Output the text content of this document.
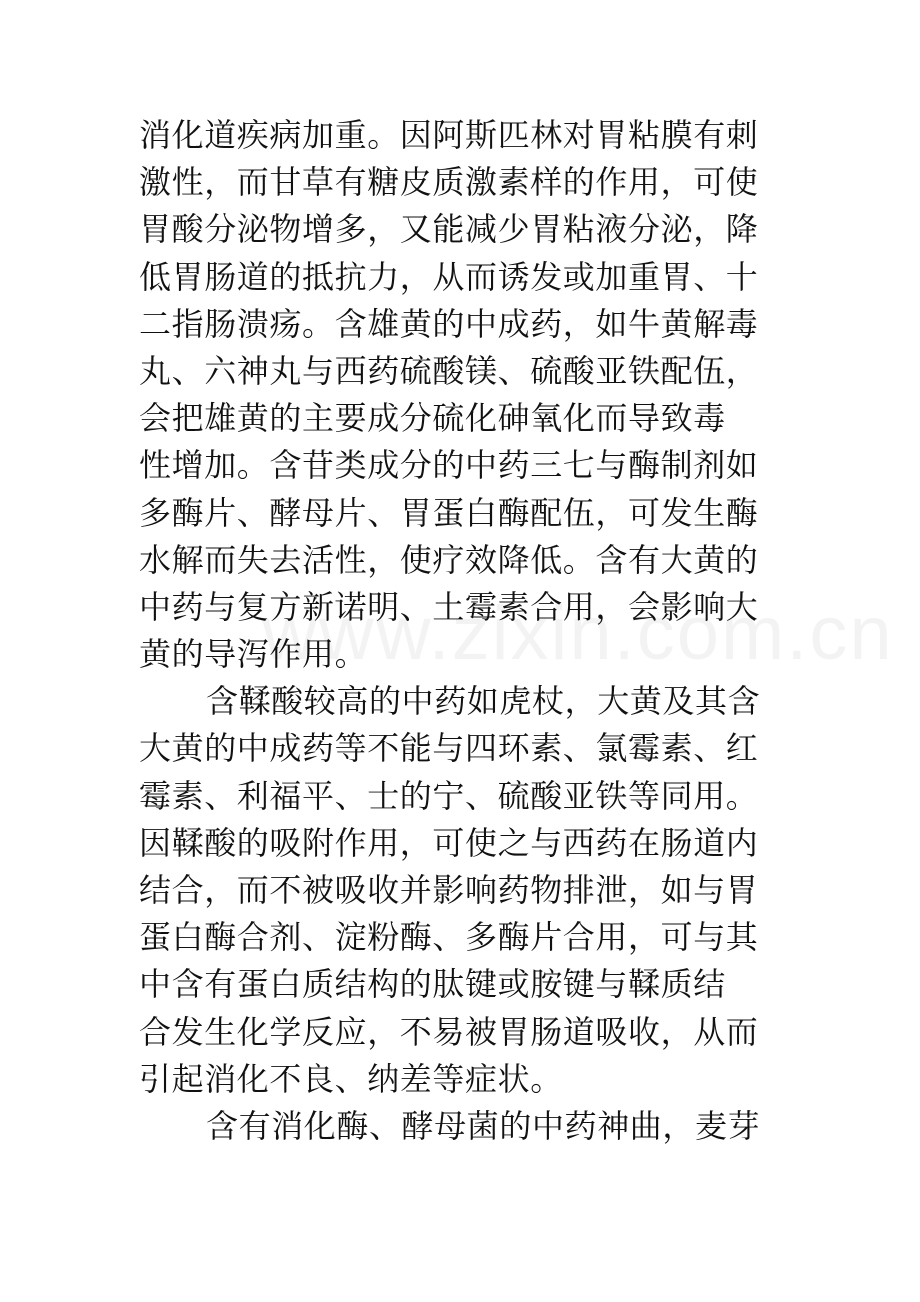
消化道疾病加重。因阿斯匹林对胃粘膜有刺
激性，而甘草有糖皮质激素样的作用，可使
胃酸分泌物增多，又能减少胃粘液分泌，降
低胃肠道的抵抗力，从而诱发或加重胃、十
二指肠溃疡。含雄黄的中成药，如牛黄解毒
丸、六神丸与西药硫酸镁、硫酸亚铁配伍，
会把雄黄的主要成分硫化砷氧化而导致毒
性增加。含苷类成分的中药三七与酶制剂如
多酶片、酵母片、胃蛋白酶配伍，可发生酶
水解而失去活性，使疗效降低。含有大黄的
中药与复方新诺明、土霉素合用，会影响大
黄的导泻作用。
含鞣酸较高的中药如虎杖，大黄及其含
大黄的中成药等不能与四环素、氯霉素、红
霉素、利福平、士的宁、硫酸亚铁等同用。
因鞣酸的吸附作用，可使之与西药在肠道内
结合，而不被吸收并影响药物排泄，如与胃
蛋白酶合剂、淀粉酶、多酶片合用，可与其
中含有蛋白质结构的肽键或胺键与鞣质结
合发生化学反应，不易被胃肠道吸收，从而
引起消化不良、纳差等症状。
含有消化酶、酵母菌的中药神曲，麦芽
